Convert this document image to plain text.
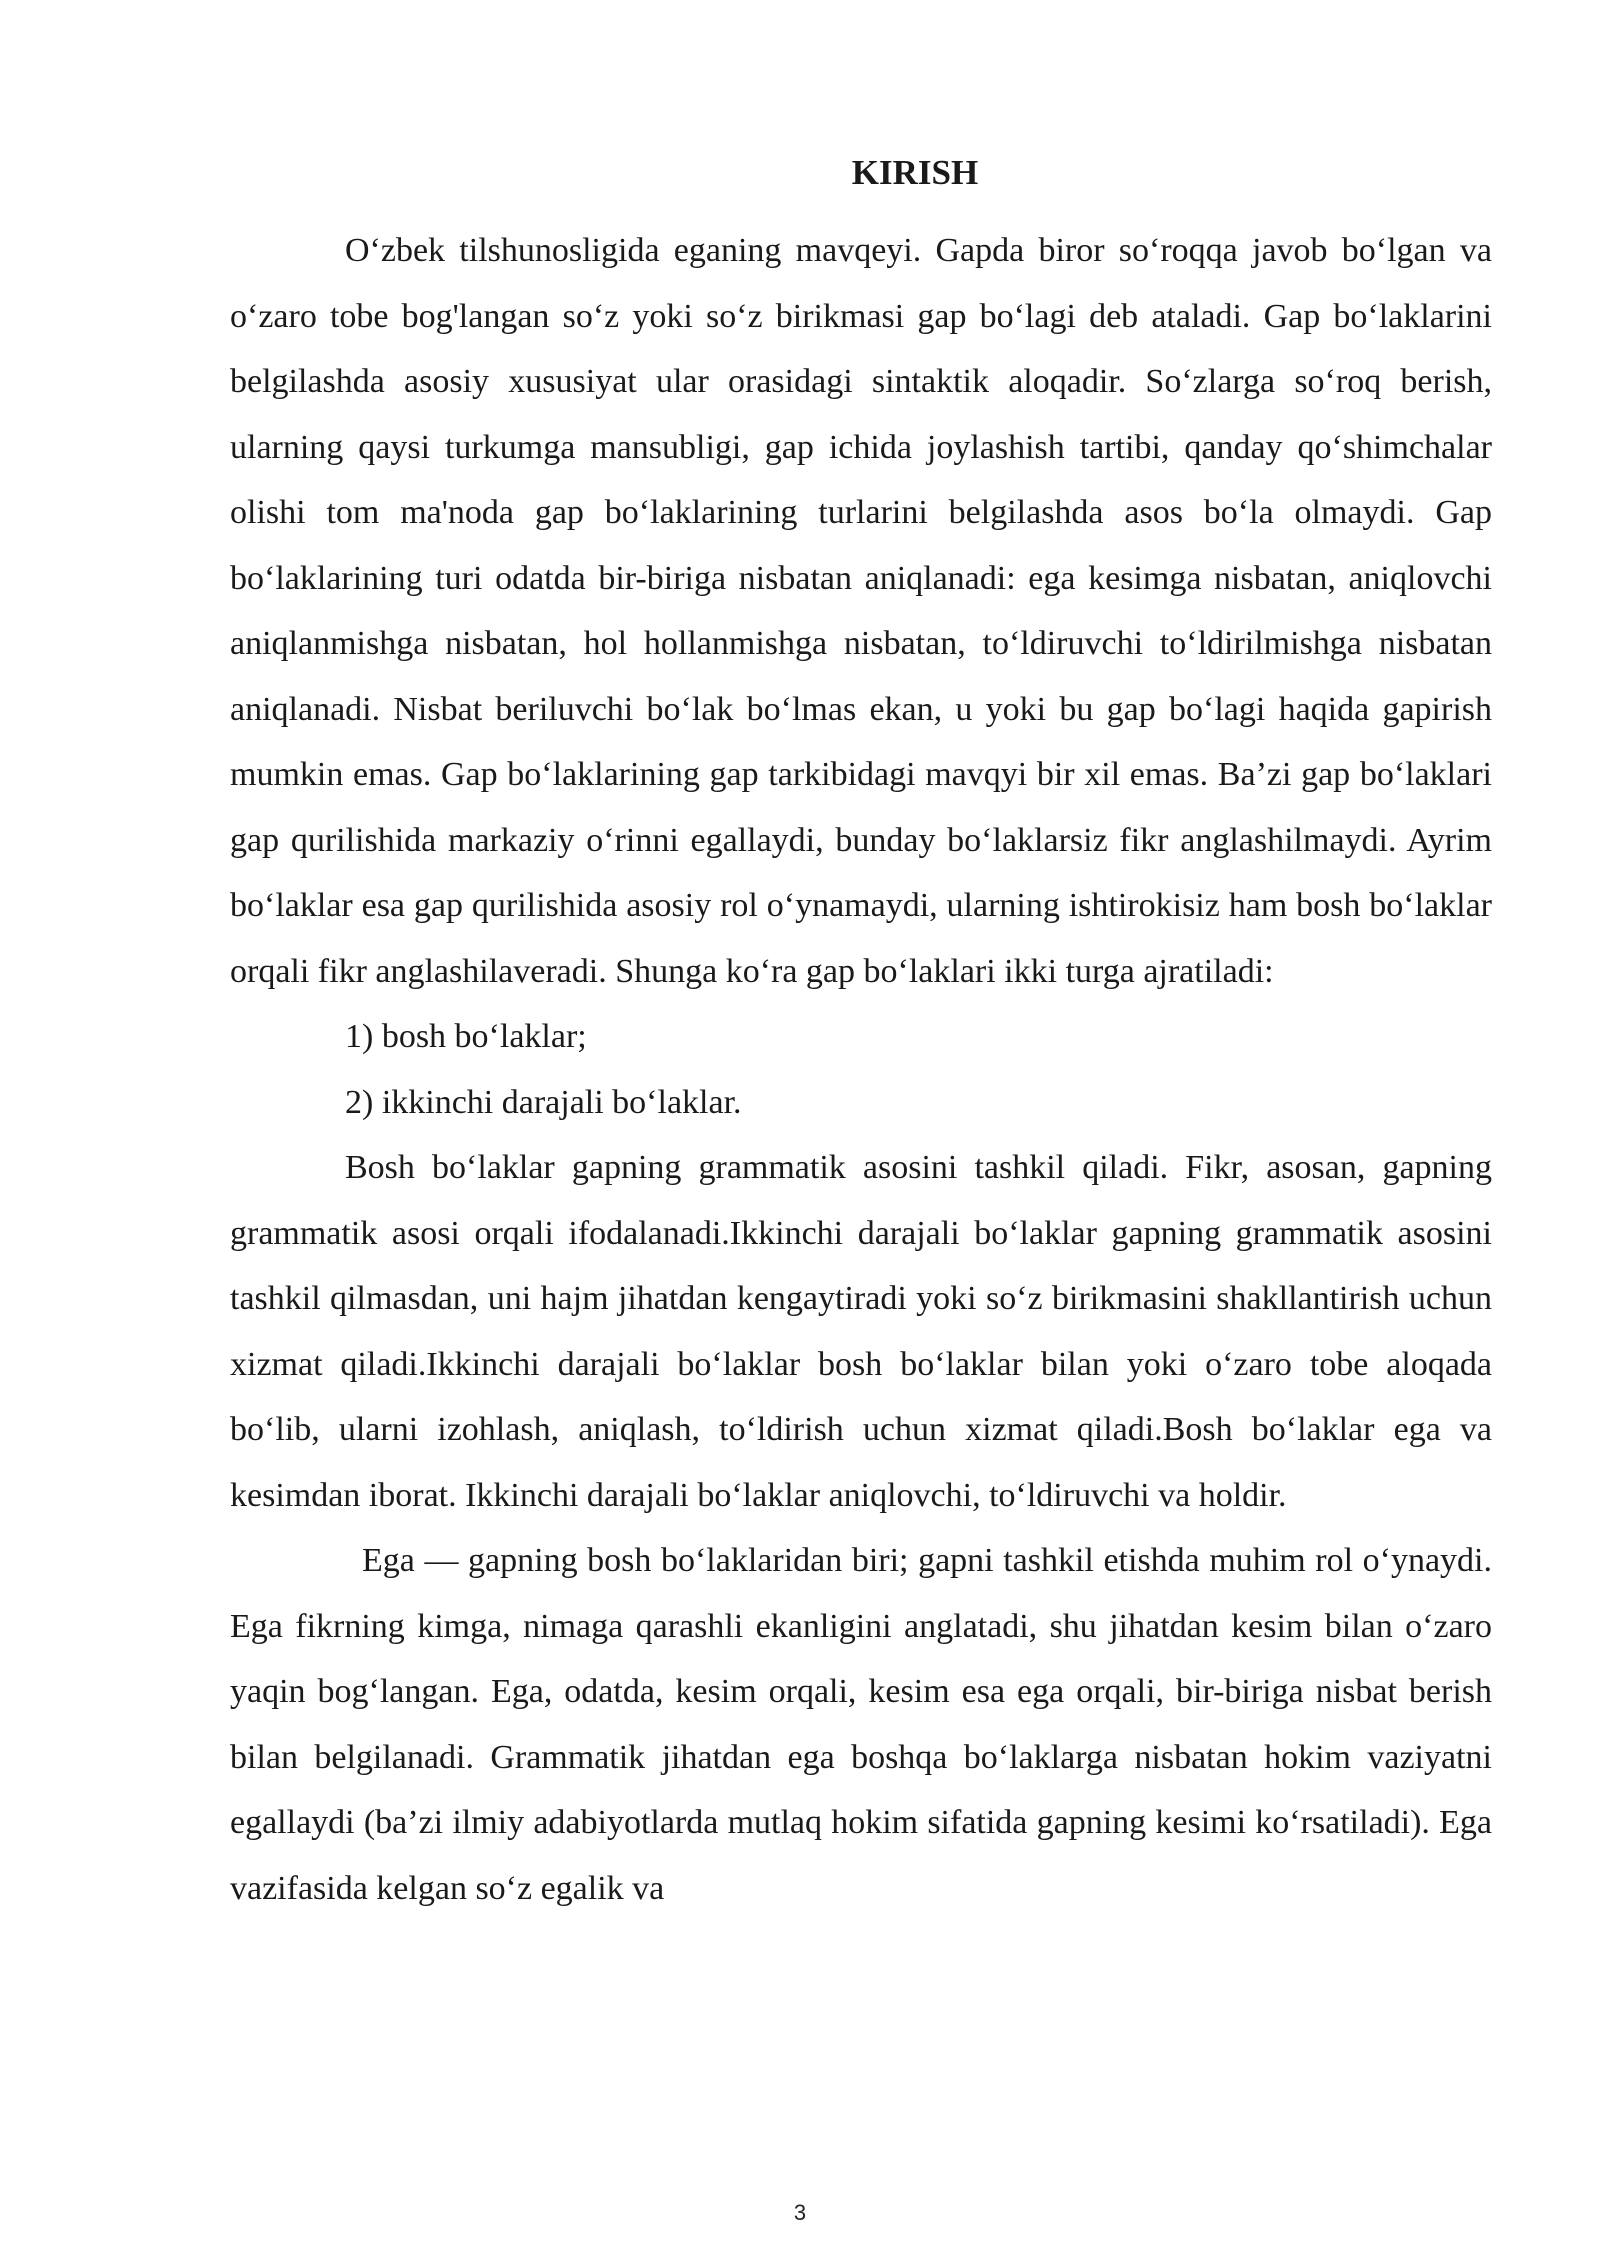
KIRISH

O‘zbek tilshunosligida eganing mavqeyi. Gapda biror so‘roqqa javob bo‘lgan va o‘zaro tobe bog'langan so‘z yoki so‘z birikmasi gap bo‘lagi deb ataladi. Gap bo‘laklarini belgilashda asosiy xususiyat ular orasidagi sintaktik aloqadir. So‘zlarga so‘roq berish, ularning qaysi turkumga mansubligi, gap ichida joylashish tartibi, qanday qo‘shimchalar olishi tom ma'noda gap bo‘laklarining turlarini belgilashda asos bo‘la olmaydi. Gap bo‘laklarining turi odatda bir-biriga nisbatan aniqlanadi: ega kesimga nisbatan, aniqlovchi aniqlanmishga nisbatan, hol hollanmishga nisbatan, to‘ldiruvchi to‘ldirilmishga nisbatan aniqlanadi. Nisbat beriluvchi bo‘lak bo‘lmas ekan, u yoki bu gap bo‘lagi haqida gapirish mumkin emas. Gap bo‘laklarining gap tarkibidagi mavqyi bir xil emas. Ba’zi gap bo‘laklari gap qurilishida markaziy o‘rinni egallaydi, bunday bo‘laklarsiz fikr anglashilmaydi. Ayrim bo‘laklar esa gap qurilishida asosiy rol o‘ynamaydi, ularning ishtirokisiz ham bosh bo‘laklar orqali fikr anglashilaveradi. Shunga ko‘ra gap bo‘laklari ikki turga ajratiladi:

1) bosh bo‘laklar;

2) ikkinchi darajali bo‘laklar.

Bosh bo‘laklar gapning grammatik asosini tashkil qiladi. Fikr, asosan, gapning grammatik asosi orqali ifodalanadi.Ikkinchi darajali bo‘laklar gapning grammatik asosini tashkil qilmasdan, uni hajm jihatdan kengaytiradi yoki so‘z birikmasini shakllantirish uchun xizmat qiladi.Ikkinchi darajali bo‘laklar bosh bo‘laklar bilan yoki o‘zaro tobe aloqada bo‘lib, ularni izohlash, aniqlash, to‘ldirish uchun xizmat qiladi.Bosh bo‘laklar ega va kesimdan iborat. Ikkinchi darajali bo‘laklar aniqlovchi, to‘ldiruvchi va holdir.

Ega — gapning bosh bo‘laklaridan biri; gapni tashkil etishda muhim rol o‘ynaydi. Ega fikrning kimga, nimaga qarashli ekanligini anglatadi, shu jihatdan kesim bilan o‘zaro yaqin bog‘langan. Ega, odatda, kesim orqali, kesim esa ega orqali, bir-biriga nisbat berish bilan belgilanadi. Grammatik jihatdan ega boshqa bo‘laklarga nisbatan hokim vaziyatni egallaydi (ba’zi ilmiy adabiyotlarda mutlaq hokim sifatida gapning kesimi ko‘rsatiladi). Ega vazifasida kelgan so‘z egalik va

3
